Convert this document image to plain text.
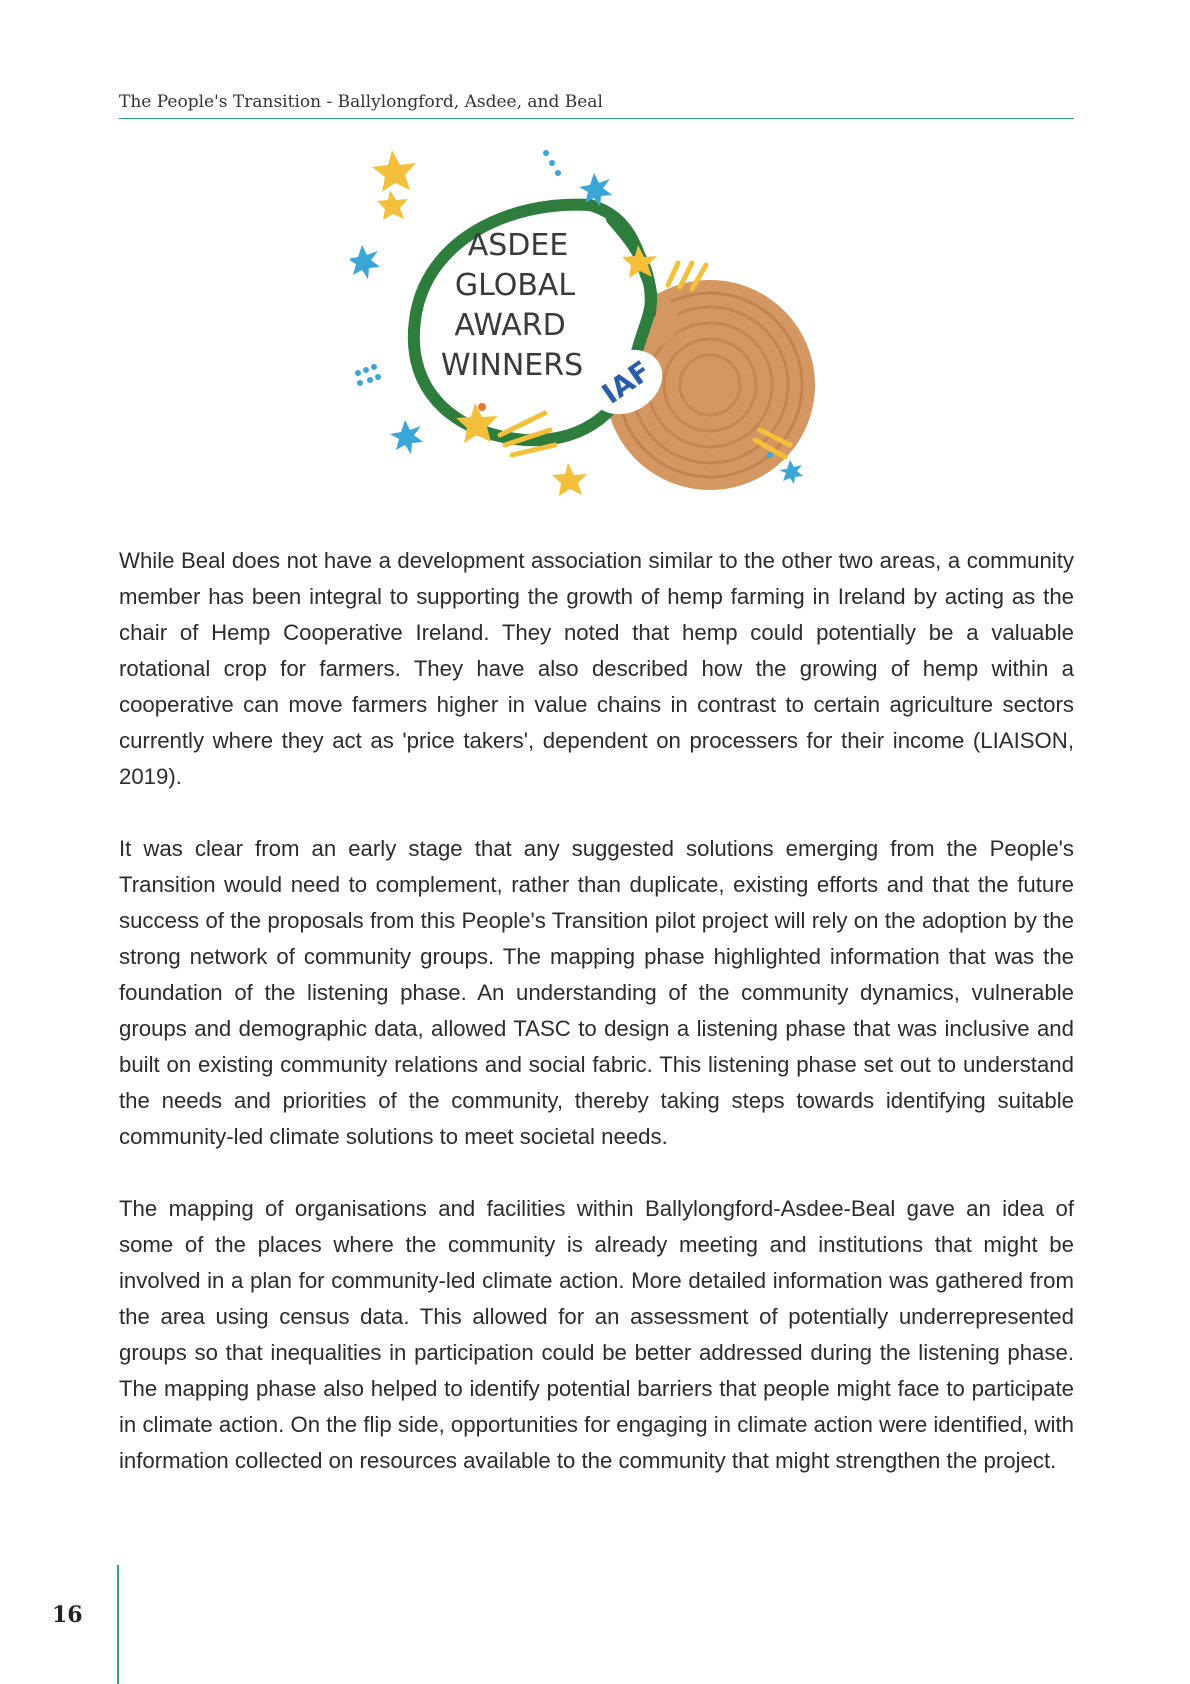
The People's Transition - Ballylongford, Asdee, and Beal
ASDEE
GLOBAL
AWARD
WINNERS IAF

While Beal does not have a development association similar to the other two areas, a community member has been integral to supporting the growth of hemp farming in Ireland by acting as the chair of Hemp Cooperative Ireland. They noted that hemp could potentially be a valuable rotational crop for farmers. They have also described how the growing of hemp within a cooperative can move farmers higher in value chains in contrast to certain agriculture sectors currently where they act as 'price takers', dependent on processers for their income (LIAISON, 2019).

It was clear from an early stage that any suggested solutions emerging from the People's Transition would need to complement, rather than duplicate, existing efforts and that the future success of the proposals from this People's Transition pilot project will rely on the adoption by the strong network of community groups. The mapping phase highlighted information that was the foundation of the listening phase. An understanding of the community dynamics, vulnerable groups and demographic data, allowed TASC to design a listening phase that was inclusive and built on existing community relations and social fabric. This listening phase set out to understand the needs and priorities of the community, thereby taking steps towards identifying suitable community-led climate solutions to meet societal needs.

The mapping of organisations and facilities within Ballylongford-Asdee-Beal gave an idea of some of the places where the community is already meeting and institutions that might be involved in a plan for community-led climate action. More detailed information was gathered from the area using census data. This allowed for an assessment of potentially underrepresented groups so that inequalities in participation could be better addressed during the listening phase. The mapping phase also helped to identify potential barriers that people might face to participate in climate action. On the flip side, opportunities for engaging in climate action were identified, with information collected on resources available to the community that might strengthen the project.

16
